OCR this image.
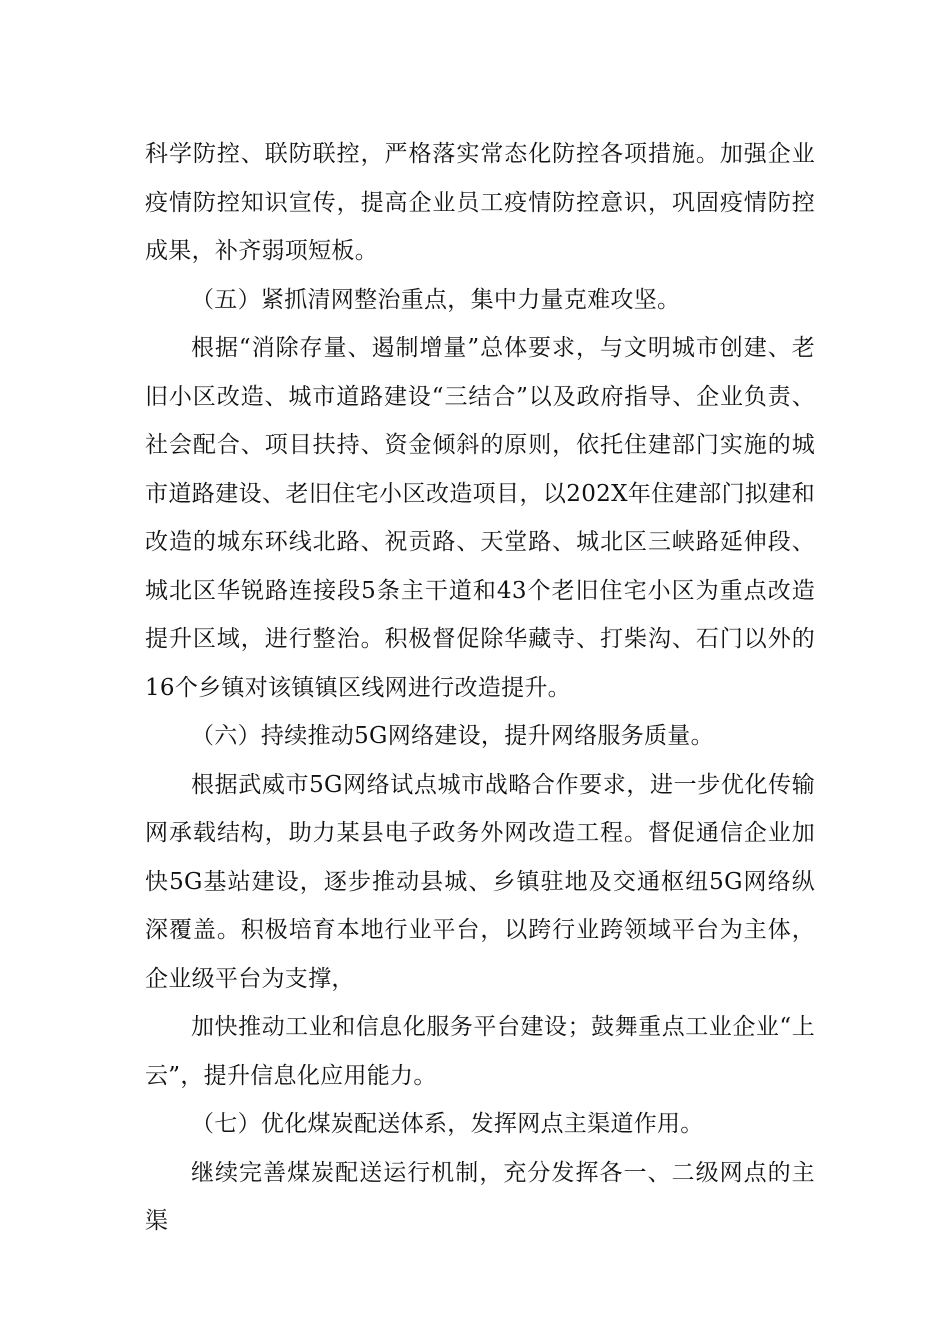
科学防控、联防联控，严格落实常态化防控各项措施。加强企业疫情防控知识宣传，提高企业员工疫情防控意识，巩固疫情防控成果，补齐弱项短板。

（五）紧抓清网整治重点，集中力量克难攻坚。

根据“消除存量、遏制增量”总体要求，与文明城市创建、老旧小区改造、城市道路建设“三结合”以及政府指导、企业负责、社会配合、项目扶持、资金倾斜的原则，依托住建部门实施的城市道路建设、老旧住宅小区改造项目，以202X年住建部门拟建和改造的城东环线北路、祝贡路、天堂路、城北区三峡路延伸段、城北区华锐路连接段5条主干道和43个老旧住宅小区为重点改造提升区域，进行整治。积极督促除华藏寺、打柴沟、石门以外的16个乡镇对该镇镇区线网进行改造提升。

（六）持续推动5G网络建设，提升网络服务质量。

根据武威市5G网络试点城市战略合作要求，进一步优化传输网承载结构，助力某县电子政务外网改造工程。督促通信企业加快5G基站建设，逐步推动县城、乡镇驻地及交通枢纽5G网络纵深覆盖。积极培育本地行业平台，以跨行业跨领域平台为主体，企业级平台为支撑，

加快推动工业和信息化服务平台建设；鼓舞重点工业企业“上云”，提升信息化应用能力。

（七）优化煤炭配送体系，发挥网点主渠道作用。

继续完善煤炭配送运行机制，充分发挥各一、二级网点的主渠
